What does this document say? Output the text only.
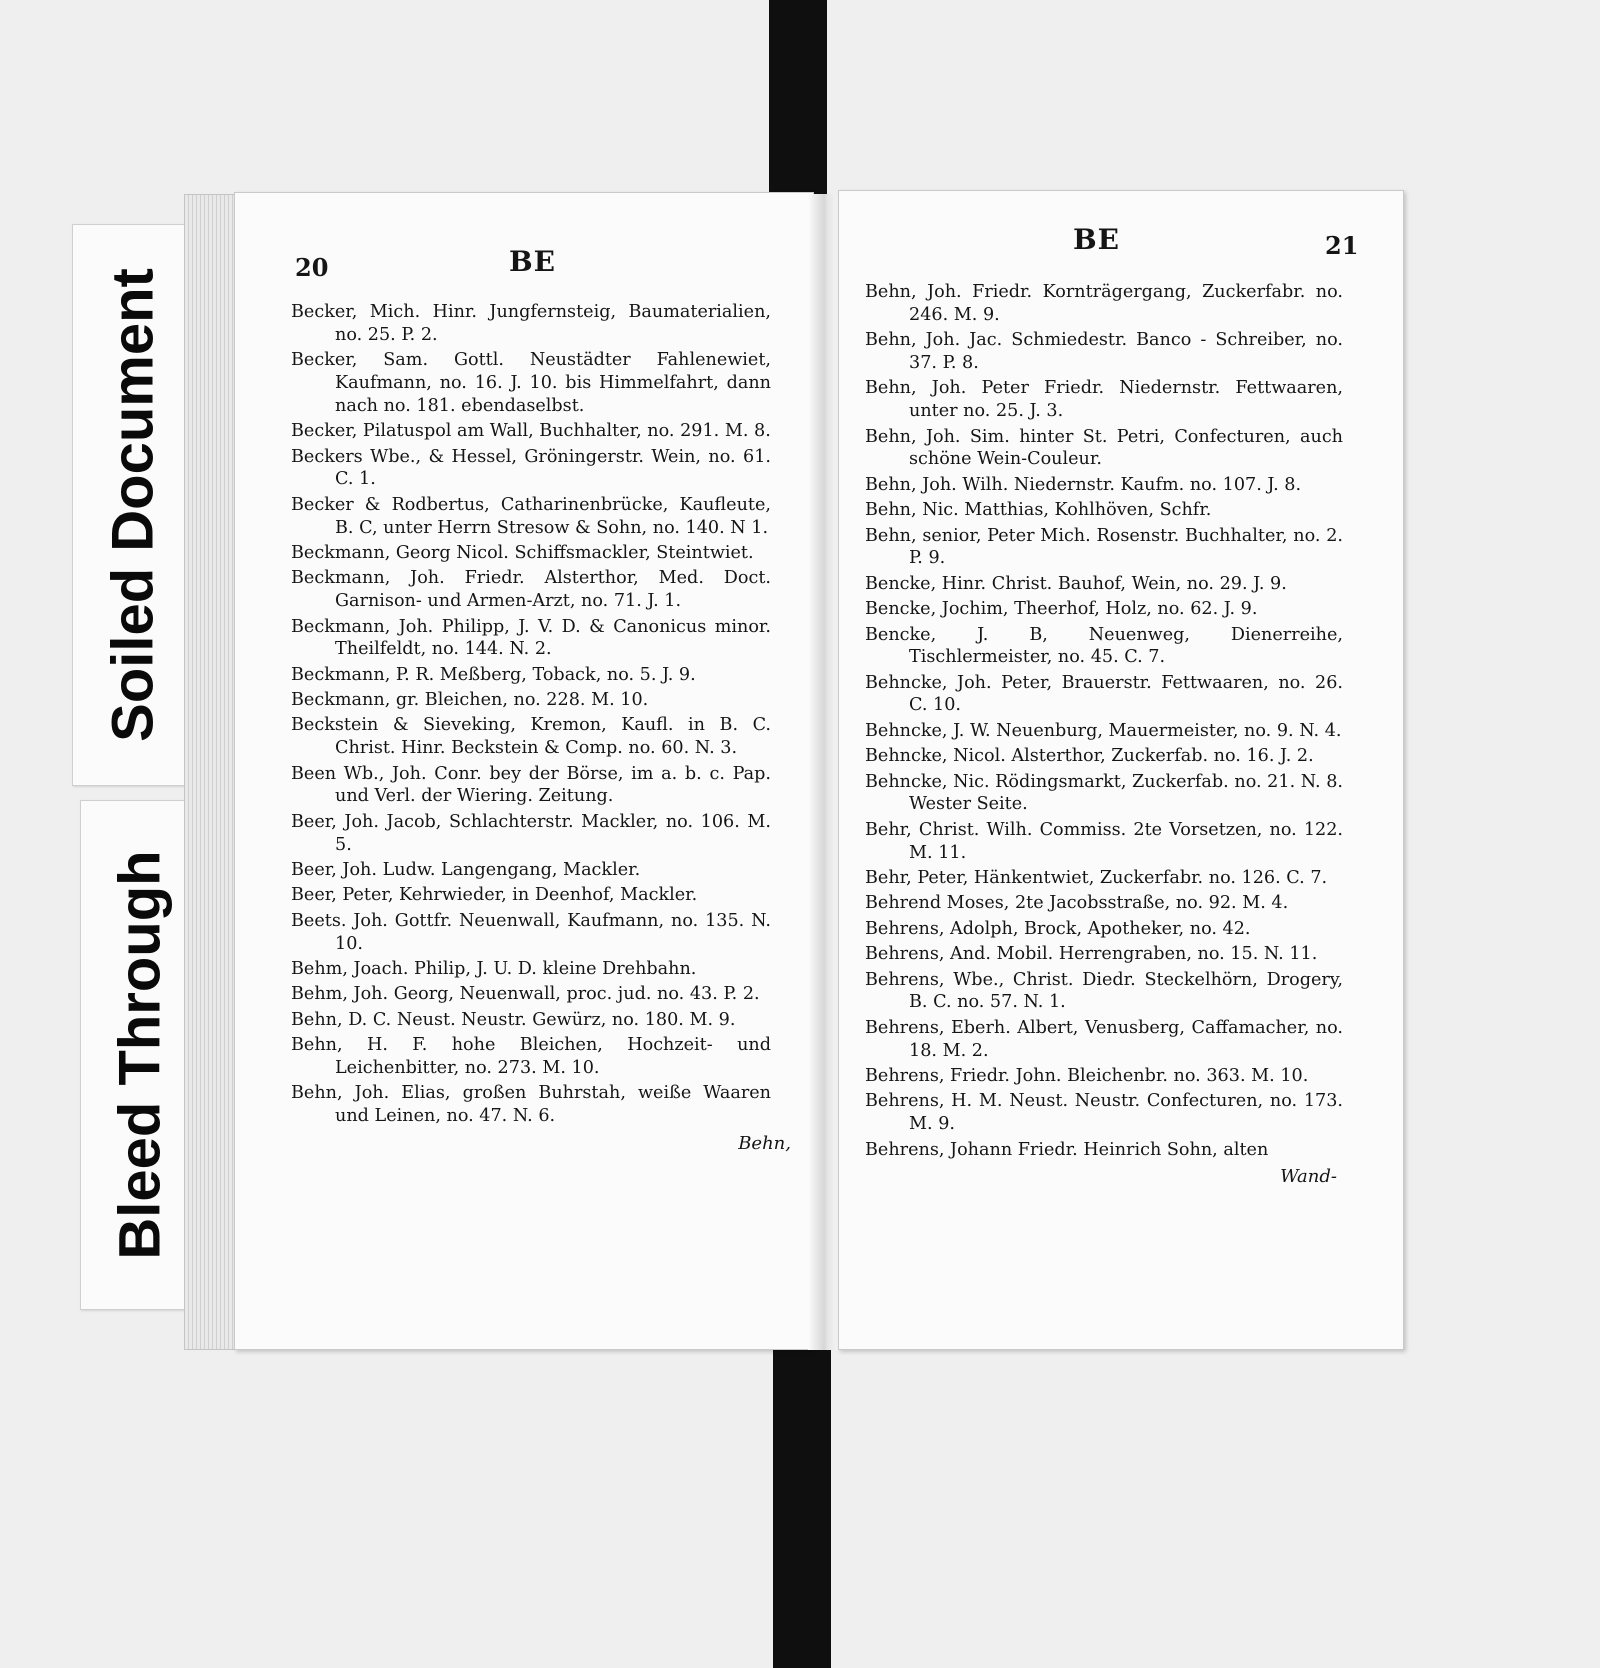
Soiled Document
Bleed Through
20	BE

Becker, Mich. Hinr. Jungfernsteig, Baumaterialien, no. 25. P. 2.

Becker, Sam. Gottl. Neustädter Fahlenewiet, Kaufmann, no. 16. J. 10. bis Himmelfahrt, dann nach no. 181. ebendaselbst.

Becker, Pilatuspol am Wall, Buchhalter, no. 291. M. 8.

Beckers Wbe., & Hessel, Gröningerstr. Wein, no. 61. C. 1.

Becker & Rodbertus, Catharinenbrücke, Kaufleute, B. C, unter Herrn Stresow & Sohn, no. 140. N 1.

Beckmann, Georg Nicol. Schiffsmackler, Steintwiet.

Beckmann, Joh. Friedr. Alsterthor, Med. Doct. Garnison- und Armen-Arzt, no. 71. J. 1.

Beckmann, Joh. Philipp, J. V. D. & Canonicus minor. Theilfeldt, no. 144. N. 2.

Beckmann, P. R. Meßberg, Toback, no. 5. J. 9.

Beckmann, gr. Bleichen, no. 228. M. 10.

Beckstein & Sieveking, Kremon, Kaufl. in B. C. Christ. Hinr. Beckstein & Comp. no. 60. N. 3.

Been Wb., Joh. Conr. bey der Börse, im a. b. c. Pap. und Verl. der Wiering. Zeitung.

Beer, Joh. Jacob, Schlachterstr. Mackler, no. 106. M. 5.

Beer, Joh. Ludw. Langengang, Mackler.

Beer, Peter, Kehrwieder, in Deenhof, Mackler.

Beets. Joh. Gottfr. Neuenwall, Kaufmann, no. 135. N. 10.

Behm, Joach. Philip, J. U. D. kleine Drehbahn.

Behm, Joh. Georg, Neuenwall, proc. jud. no. 43. P. 2.

Behn, D. C. Neust. Neustr. Gewürz, no. 180. M. 9.

Behn, H. F. hohe Bleichen, Hochzeit- und Leichenbitter, no. 273. M. 10.

Behn, Joh. Elias, großen Buhrstah, weiße Waaren und Leinen, no. 47. N. 6.

Behn,
BE	21

Behn, Joh. Friedr. Kornträgergang, Zuckerfabr. no. 246. M. 9.

Behn, Joh. Jac. Schmiedestr. Banco - Schreiber, no. 37. P. 8.

Behn, Joh. Peter Friedr. Niedernstr. Fettwaaren, unter no. 25. J. 3.

Behn, Joh. Sim. hinter St. Petri, Confecturen, auch schöne Wein-Couleur.

Behn, Joh. Wilh. Niedernstr. Kaufm. no. 107. J. 8.

Behn, Nic. Matthias, Kohlhöven, Schfr.

Behn, senior, Peter Mich. Rosenstr. Buchhalter, no. 2. P. 9.

Bencke, Hinr. Christ. Bauhof, Wein, no. 29. J. 9.

Bencke, Jochim, Theerhof, Holz, no. 62. J. 9.

Bencke, J. B, Neuenweg, Dienerreihe, Tischlermeister, no. 45. C. 7.

Behncke, Joh. Peter, Brauerstr. Fettwaaren, no. 26. C. 10.

Behncke, J. W. Neuenburg, Mauermeister, no. 9. N. 4.

Behncke, Nicol. Alsterthor, Zuckerfab. no. 16. J. 2.

Behncke, Nic. Rödingsmarkt, Zuckerfab. no. 21. N. 8. Wester Seite.

Behr, Christ. Wilh. Commiss. 2te Vorsetzen, no. 122. M. 11.

Behr, Peter, Hänkentwiet, Zuckerfabr. no. 126. C. 7.

Behrend Moses, 2te Jacobsstraße, no. 92. M. 4.

Behrens, Adolph, Brock, Apotheker, no. 42.

Behrens, And. Mobil. Herrengraben, no. 15. N. 11.

Behrens, Wbe., Christ. Diedr. Steckelhörn, Drogery, B. C. no. 57. N. 1.

Behrens, Eberh. Albert, Venusberg, Caffamacher, no. 18. M. 2.

Behrens, Friedr. John. Bleichenbr. no. 363. M. 10.

Behrens, H. M. Neust. Neustr. Confecturen, no. 173. M. 9.

Behrens, Johann Friedr. Heinrich Sohn, alten

Wand-
